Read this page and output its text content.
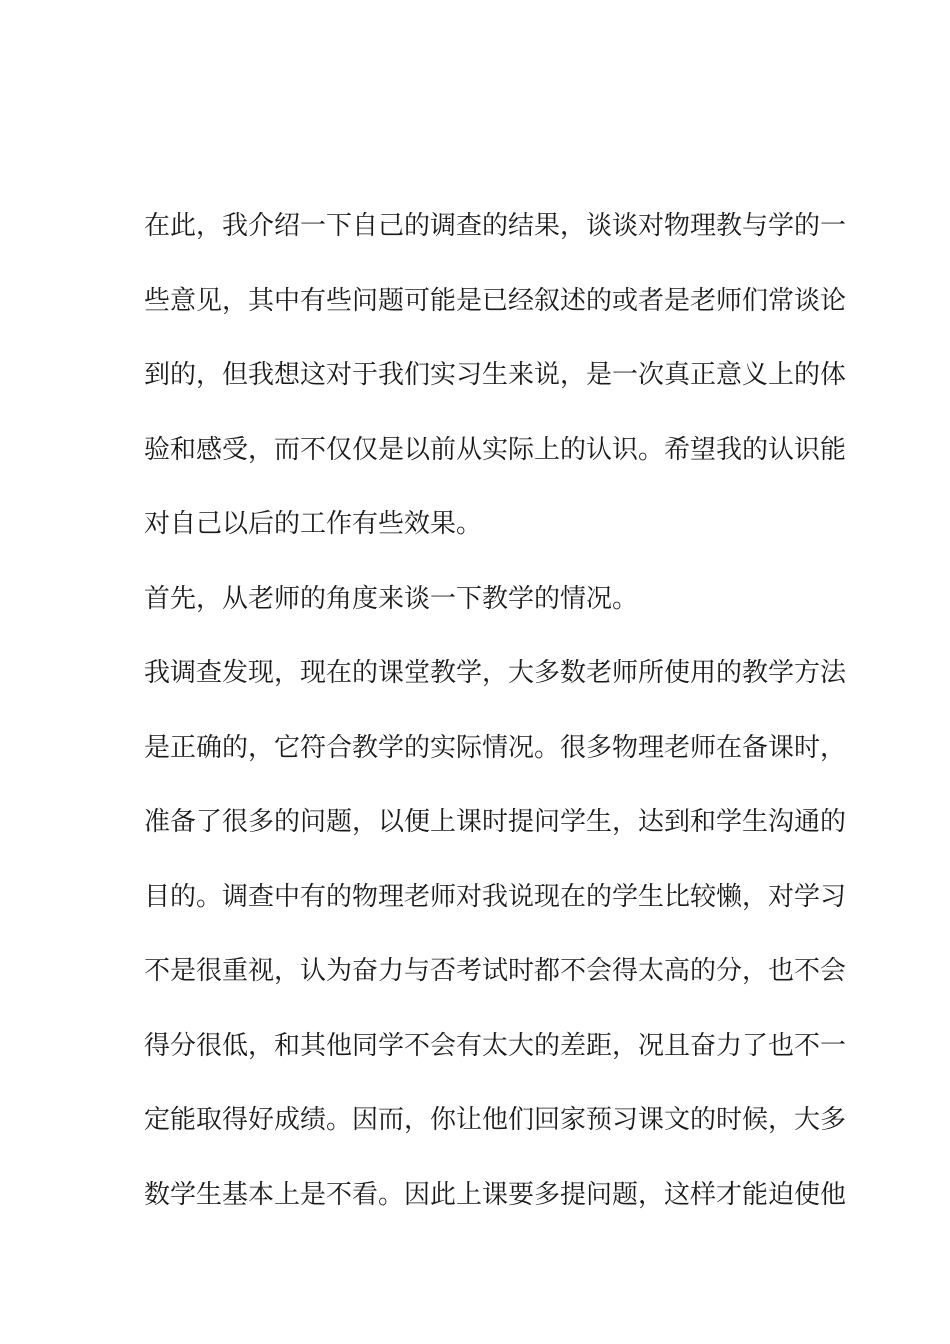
在此，我介绍一下自己的调查的结果，谈谈对物理教与学的一
些意见，其中有些问题可能是已经叙述的或者是老师们常谈论
到的，但我想这对于我们实习生来说，是一次真正意义上的体
验和感受，而不仅仅是以前从实际上的认识。希望我的认识能
对自己以后的工作有些效果。
首先，从老师的角度来谈一下教学的情况。
我调查发现，现在的课堂教学，大多数老师所使用的教学方法
是正确的，它符合教学的实际情况。很多物理老师在备课时，
准备了很多的问题，以便上课时提问学生，达到和学生沟通的
目的。调查中有的物理老师对我说现在的学生比较懒，对学习
不是很重视，认为奋力与否考试时都不会得太高的分，也不会
得分很低，和其他同学不会有太大的差距，况且奋力了也不一
定能取得好成绩。因而，你让他们回家预习课文的时候，大多
数学生基本上是不看。因此上课要多提问题，这样才能迫使他
